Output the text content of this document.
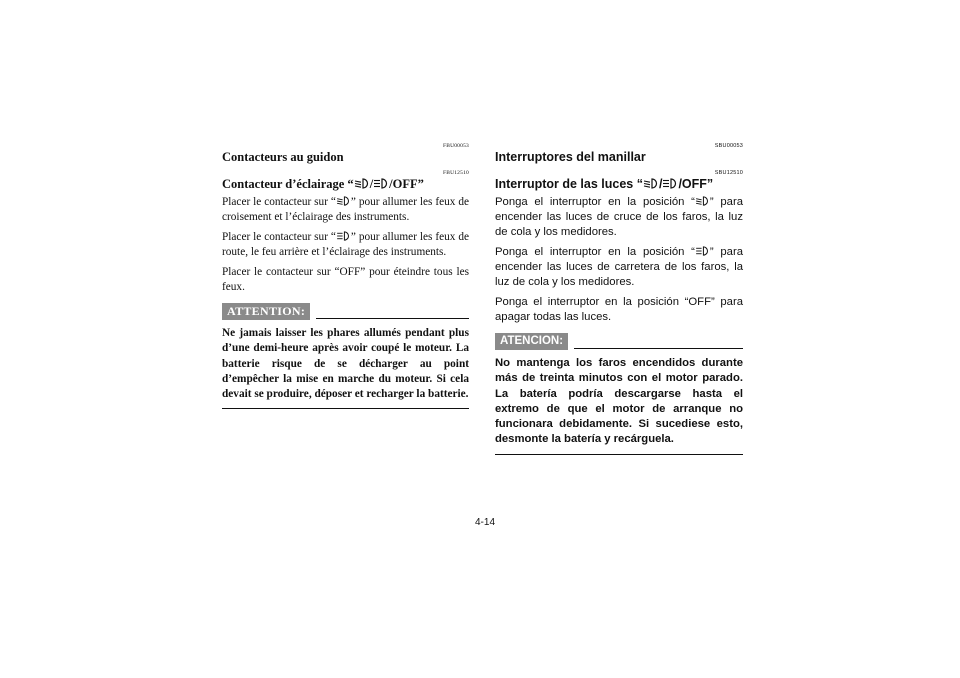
FBU00053
Contacteurs au guidon
FBU12510
Contacteur d’éclairage “ / /OFF”
Placer le contacteur sur “ ” pour allumer les feux de croisement et l’éclairage des instruments.
Placer le contacteur sur “ ” pour allumer les feux de route, le feu arrière et l’éclairage des instruments.
Placer le contacteur sur “OFF” pour éteindre tous les feux.
ATTENTION:
Ne jamais laisser les phares allumés pendant plus d’une demi-heure après avoir coupé le moteur. La batterie risque de se décharger au point d’empêcher la mise en marche du moteur. Si cela devait se produire, déposer et recharger la batterie.
SBU00053
Interruptores del manillar
SBU12510
Interruptor de las luces “ / /OFF”
Ponga el interruptor en la posición “ ” para encender las luces de cruce de los faros, la luz de cola y los medidores.
Ponga el interruptor en la posición “ ” para encender las luces de carretera de los faros, la luz de cola y los medidores.
Ponga el interruptor en la posición “OFF” para apagar todas las luces.
ATENCION:
No mantenga los faros encendidos durante más de treinta minutos con el motor parado. La batería podría descargarse hasta el extremo de que el motor de arranque no funcionara debidamente. Si sucediese esto, desmonte la batería y recárguela.
4-14
